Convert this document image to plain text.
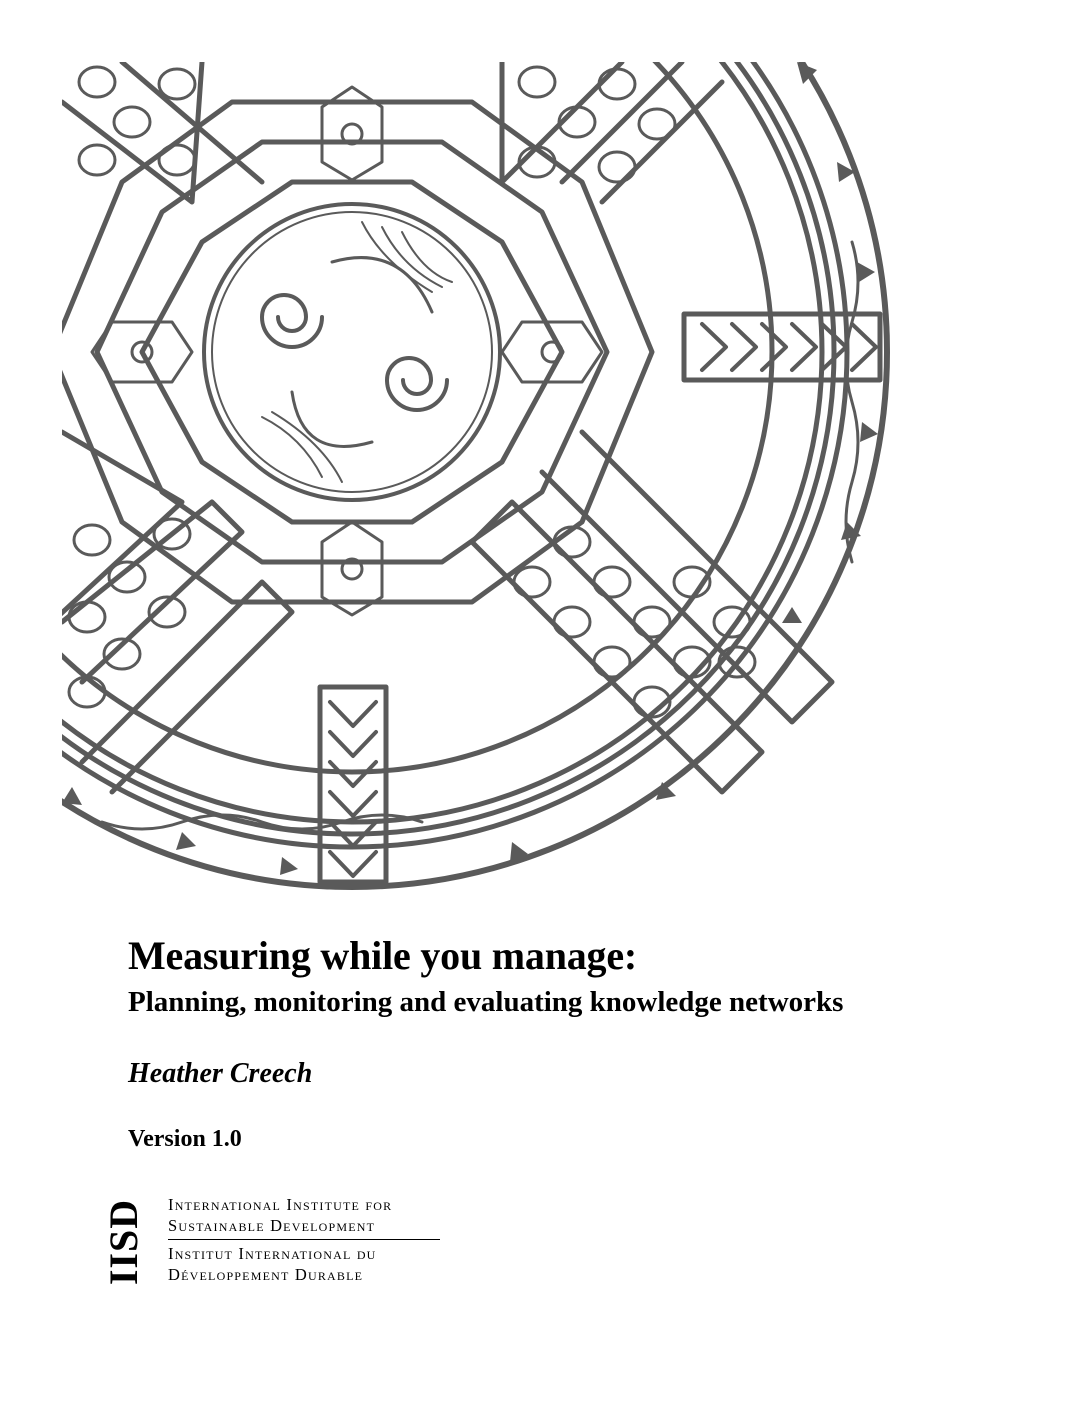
Measuring while you manage:
Planning, monitoring and evaluating knowledge networks
Heather Creech
Version 1.0
IISD International Institute for
Sustainable Development
Institut International du
Développement Durable
